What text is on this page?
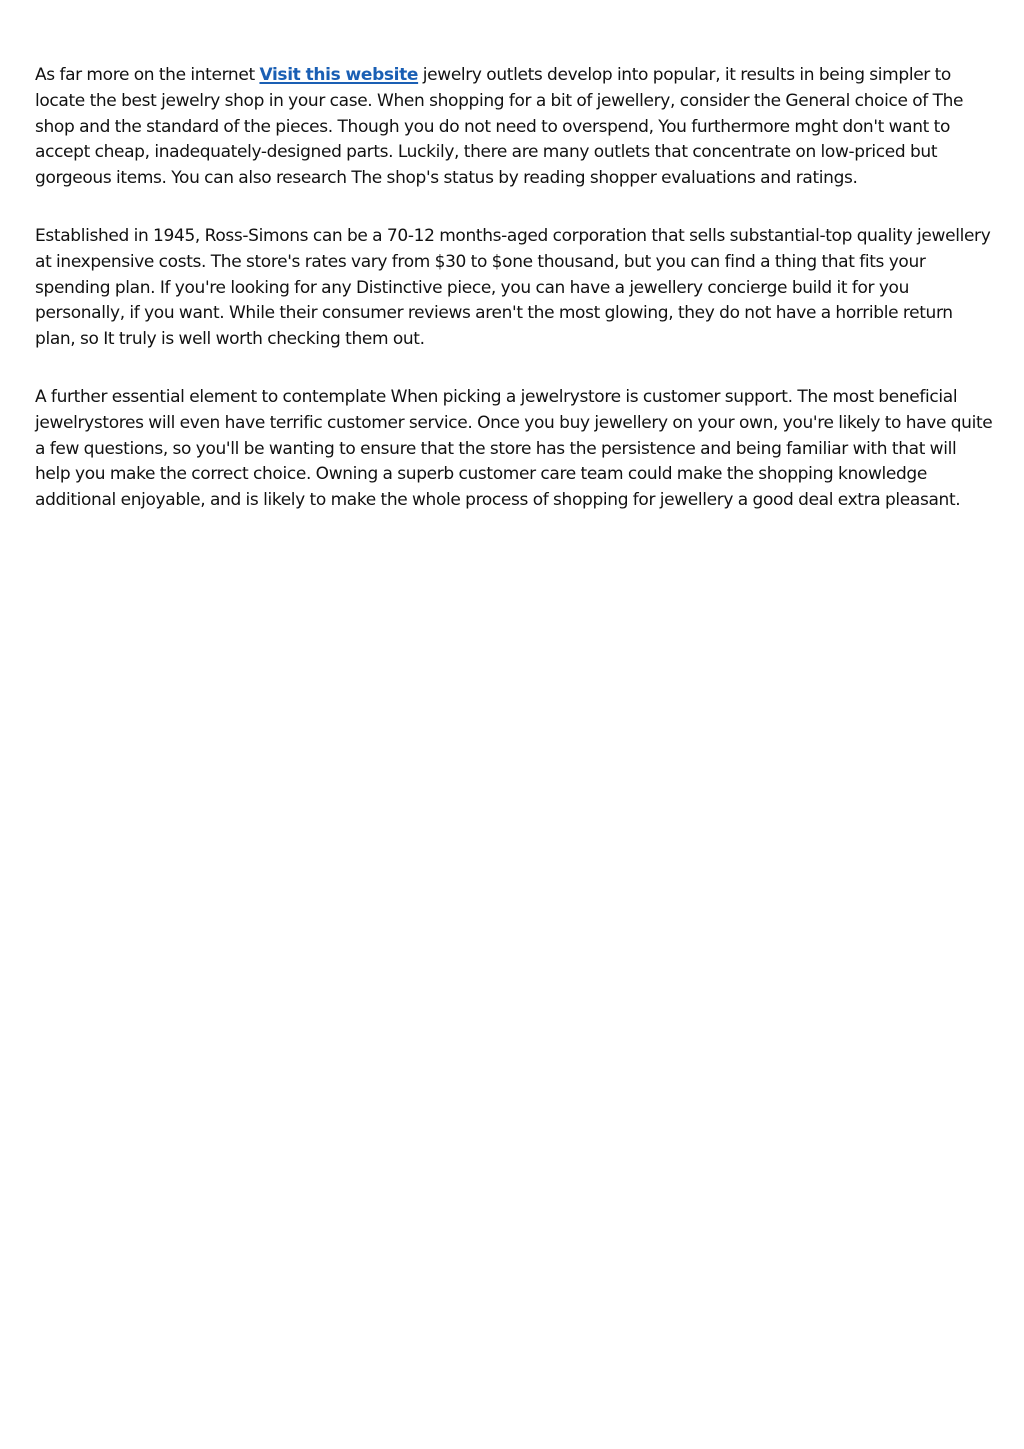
As far more on the internet Visit this website jewelry outlets develop into popular, it results in being simpler to locate the best jewelry shop in your case. When shopping for a bit of jewellery, consider the General choice of The shop and the standard of the pieces. Though you do not need to overspend, You furthermore mght don't want to accept cheap, inadequately-designed parts. Luckily, there are many outlets that concentrate on low-priced but gorgeous items. You can also research The shop's status by reading shopper evaluations and ratings.

Established in 1945, Ross-Simons can be a 70-12 months-aged corporation that sells substantial-top quality jewellery at inexpensive costs. The store's rates vary from $30 to $one thousand, but you can find a thing that fits your spending plan. If you're looking for any Distinctive piece, you can have a jewellery concierge build it for you personally, if you want. While their consumer reviews aren't the most glowing, they do not have a horrible return plan, so It truly is well worth checking them out.

A further essential element to contemplate When picking a jewelrystore is customer support. The most beneficial jewelrystores will even have terrific customer service. Once you buy jewellery on your own, you're likely to have quite a few questions, so you'll be wanting to ensure that the store has the persistence and being familiar with that will help you make the correct choice. Owning a superb customer care team could make the shopping knowledge additional enjoyable, and is likely to make the whole process of shopping for jewellery a good deal extra pleasant.
